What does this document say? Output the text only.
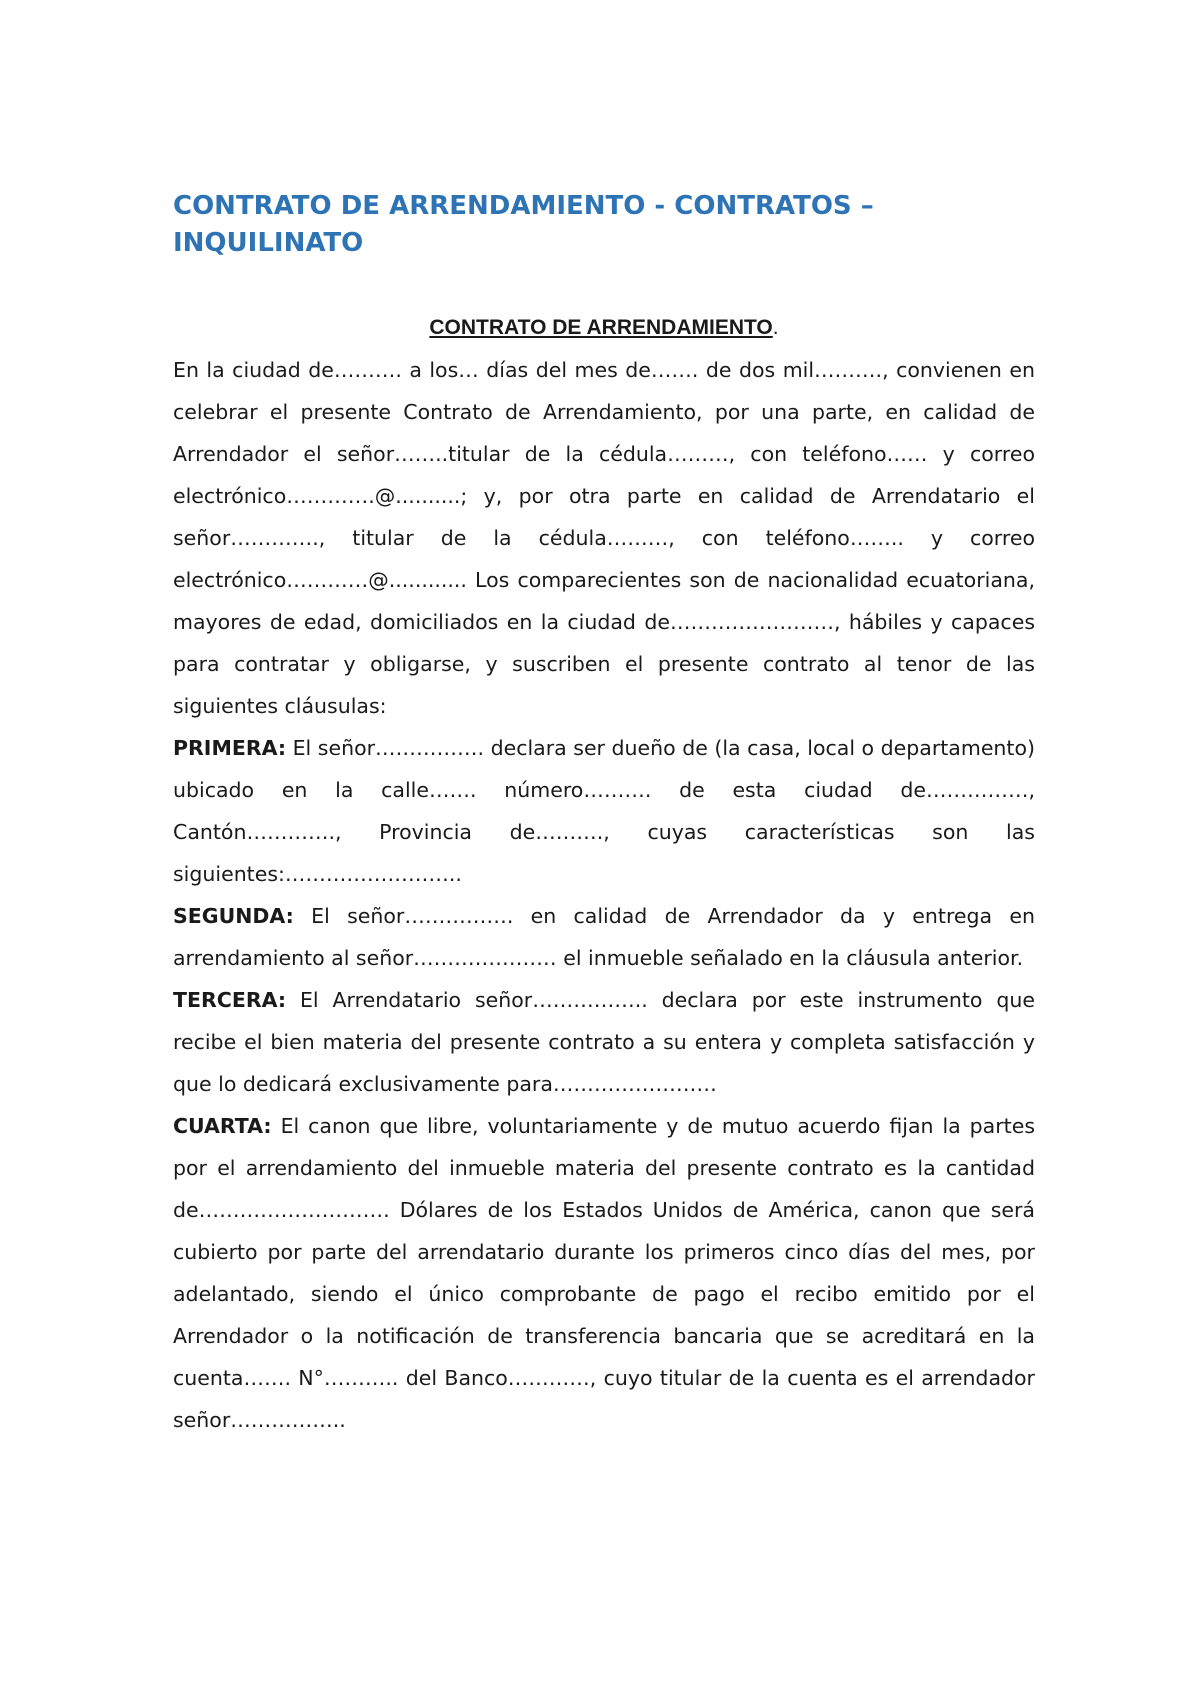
CONTRATO DE ARRENDAMIENTO - CONTRATOS – INQUILINATO

CONTRATO DE ARRENDAMIENTO.

En la ciudad de………. a los… días del mes de……. de dos mil………., convienen en celebrar el presente Contrato de Arrendamiento, por una parte, en calidad de Arrendador el señor……..titular de la cédula………, con teléfono…… y correo electrónico………….@..........; y, por otra parte en calidad de Arrendatario el señor…………., titular de la cédula………, con teléfono…….. y correo electrónico…………@............ Los comparecientes son de nacionalidad ecuatoriana, mayores de edad, domiciliados en la ciudad de……………………, hábiles y capaces para contratar y obligarse, y suscriben el presente contrato al tenor de las siguientes cláusulas:

PRIMERA: El señor……………. declara ser dueño de (la casa, local o departamento) ubicado en la calle……. número………. de esta ciudad de……………, Cantón…………., Provincia de………., cuyas características son las siguientes:……………………..

SEGUNDA: El señor……………. en calidad de Arrendador da y entrega en arrendamiento al señor………………… el inmueble señalado en la cláusula anterior.

TERCERA: El Arrendatario señor…………….. declara por este instrumento que recibe el bien materia del presente contrato a su entera y completa satisfacción y que lo dedicará exclusivamente para……………………

CUARTA: El canon que libre, voluntariamente y de mutuo acuerdo fijan la partes por el arrendamiento del inmueble materia del presente contrato es la cantidad de………………………. Dólares de los Estados Unidos de América, canon que será cubierto por parte del arrendatario durante los primeros cinco días del mes, por adelantado, siendo el único comprobante de pago el recibo emitido por el Arrendador o la notificación de transferencia bancaria que se acreditará en la cuenta……. N°……….. del Banco…………, cuyo titular de la cuenta es el arrendador señor……………..
